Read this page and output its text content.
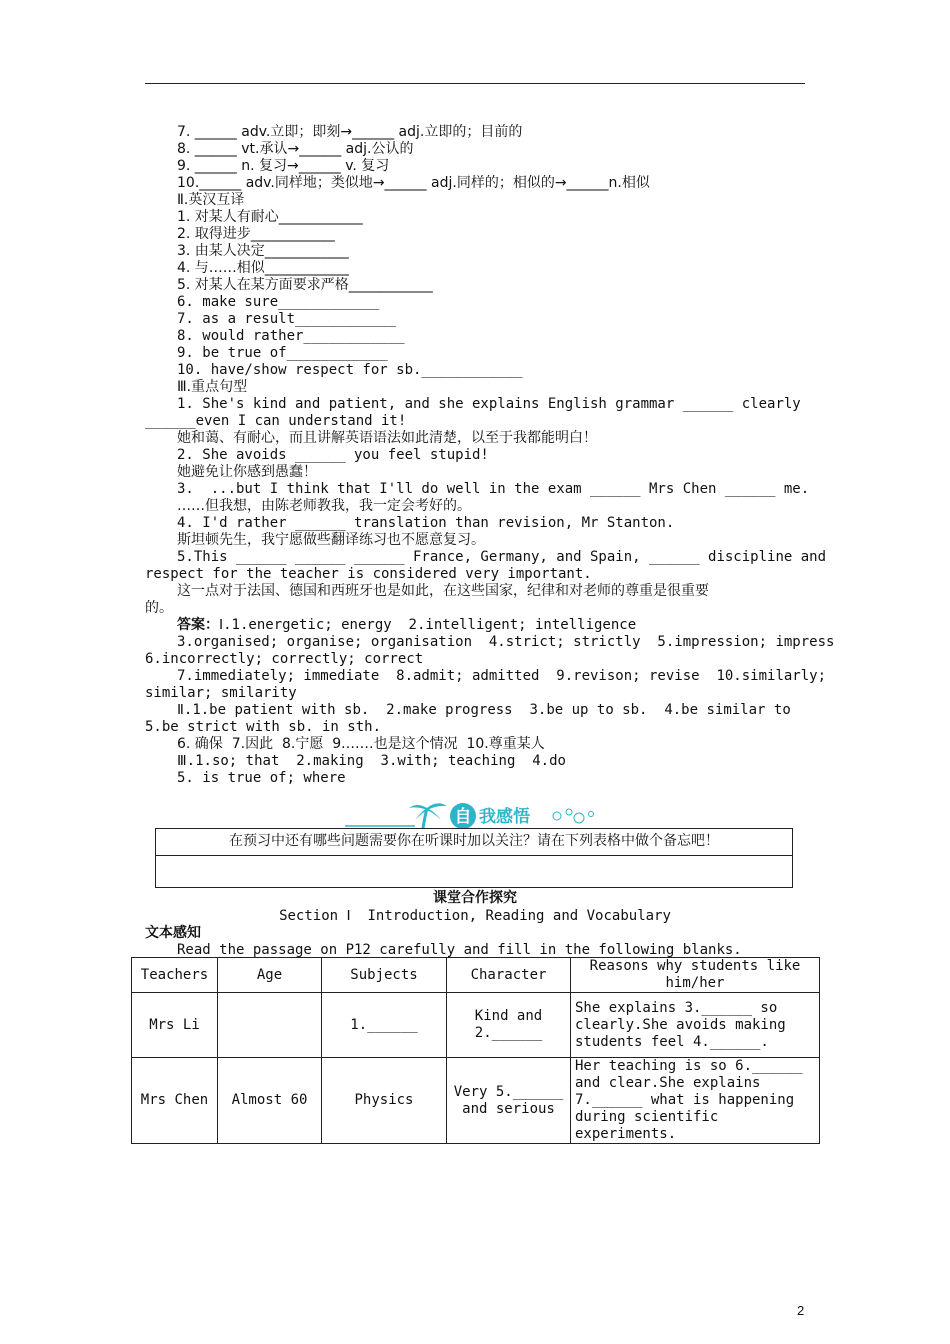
7. ______ adv.立即；即刻→______ adj.立即的；目前的
8. ______ vt.承认→______ adj.公认的
9. ______ n. 复习→______ v. 复习
10.______ adv.同样地；类似地→______ adj.同样的；相似的→______n.相似
Ⅱ.英汉互译
1. 对某人有耐心____________
2. 取得进步____________
3. 由某人决定____________
4. 与……相似____________
5. 对某人在某方面要求严格____________
6. make sure____________
7. as a result____________
8. would rather____________
9. be true of____________
10. have/show respect for sb.____________
Ⅲ.重点句型
1. She's kind and patient, and she explains English grammar ______ clearly
______even I can understand it!
她和蔼、有耐心，而且讲解英语语法如此清楚，以至于我都能明白！
2. She avoids ______ you feel stupid!
她避免让你感到愚蠢！
3.  ...but I think that I'll do well in the exam ______ Mrs Chen ______ me.
……但我想，由陈老师教我，我一定会考好的。
4. I'd rather ______ translation than revision, Mr Stanton.
斯坦顿先生，我宁愿做些翻译练习也不愿意复习。
5.This ______ ______ ______ France, Germany, and Spain, ______ discipline and
respect for the teacher is considered very important.
这一点对于法国、德国和西班牙也是如此，在这些国家，纪律和对老师的尊重是很重要
的。
答案：Ⅰ.1.energetic; energy  2.intelligent; intelligence
3.organised; organise; organisation  4.strict; strictly  5.impression; impress
6.incorrectly; correctly; correct
7.immediately; immediate  8.admit; admitted  9.revison; revise  10.similarly;
similar; smilarity
Ⅱ.1.be patient with sb.  2.make progress  3.be up to sb.  4.be similar to
5.be strict with sb. in sth.
6. 确保  7.因此  8.宁愿  9.……也是这个情况  10.尊重某人
Ⅲ.1.so; that  2.making  3.with; teaching  4.do
5. is true of; where
自 我感悟
在预习中还有哪些问题需要你在听课时加以关注？请在下列表格中做个备忘吧！
课堂合作探究
Section Ⅰ  Introduction, Reading and Vocabulary
文本感知
Read the passage on P12 carefully and fill in the following blanks.
Teachers	Age	Subjects	Character	Reasons why students like him/her
Mrs Li		1.______	Kind and 2.______	She explains 3.______ so clearly.She avoids making students feel 4.______.
Mrs Chen	Almost 60	Physics	Very 5.______ and serious	Her teaching is so 6.______ and clear.She explains 7.______ what is happening during scientific experiments.
2
